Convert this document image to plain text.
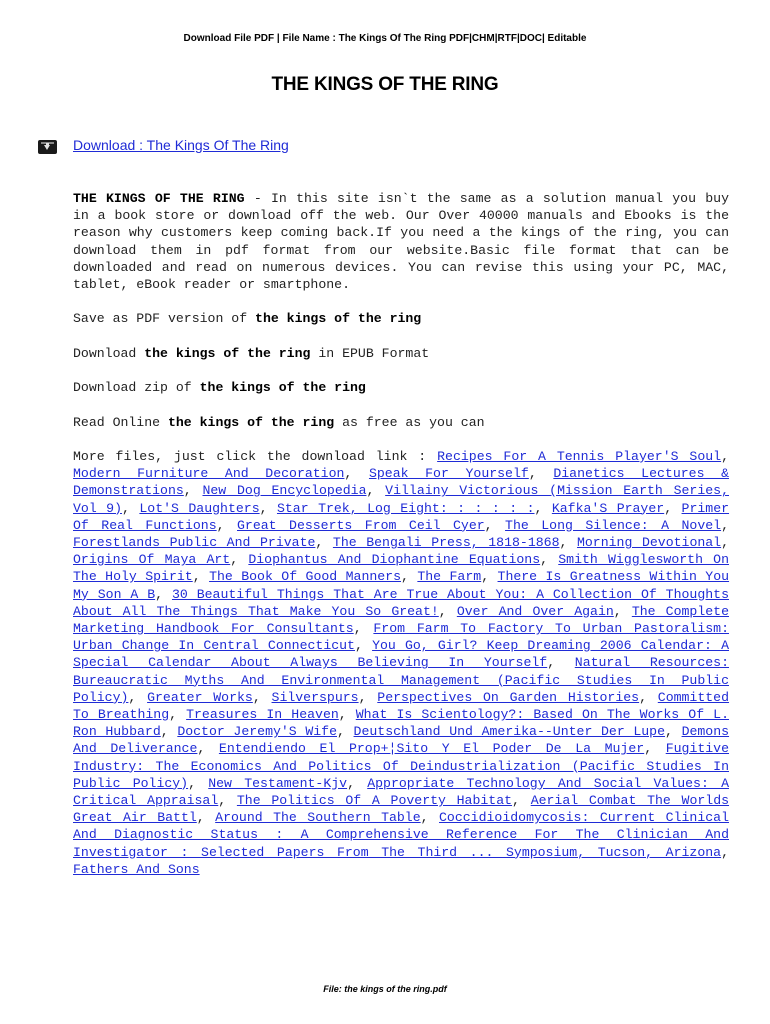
Download File PDF | File Name : The Kings Of The Ring PDF|CHM|RTF|DOC| Editable
THE KINGS OF THE RING
Download : The Kings Of The Ring

THE KINGS OF THE RING - In this site isn`t the same as a solution manual you buy in a book store or download off the web. Our Over 40000 manuals and Ebooks is the reason why customers keep coming back.If you need a the kings of the ring, you can download them in pdf format from our website.Basic file format that can be downloaded and read on numerous devices. You can revise this using your PC, MAC, tablet, eBook reader or smartphone.

Save as PDF version of the kings of the ring

Download the kings of the ring in EPUB Format

Download zip of the kings of the ring

Read Online the kings of the ring as free as you can

More files, just click the download link : Recipes For A Tennis Player'S Soul, Modern Furniture And Decoration, Speak For Yourself, Dianetics Lectures & Demonstrations, New Dog Encyclopedia, Villainy Victorious (Mission Earth Series, Vol 9), Lot'S Daughters, Star Trek, Log Eight: : : : : :, Kafka'S Prayer, Primer Of Real Functions, Great Desserts From Ceil Cyer, The Long Silence: A Novel, Forestlands Public And Private, The Bengali Press, 1818-1868, Morning Devotional, Origins Of Maya Art, Diophantus And Diophantine Equations, Smith Wigglesworth On The Holy Spirit, The Book Of Good Manners, The Farm, There Is Greatness Within You My Son A B, 30 Beautiful Things That Are True About You: A Collection Of Thoughts About All The Things That Make You So Great!, Over And Over Again, The Complete Marketing Handbook For Consultants, From Farm To Factory To Urban Pastoralism: Urban Change In Central Connecticut, You Go, Girl? Keep Dreaming 2006 Calendar: A Special Calendar About Always Believing In Yourself, Natural Resources: Bureaucratic Myths And Environmental Management (Pacific Studies In Public Policy), Greater Works, Silverspurs, Perspectives On Garden Histories, Committed To Breathing, Treasures In Heaven, What Is Scientology?: Based On The Works Of L. Ron Hubbard, Doctor Jeremy'S Wife, Deutschland Und Amerika--Unter Der Lupe, Demons And Deliverance, Entendiendo El Prop+¦Sito Y El Poder De La Mujer, Fugitive Industry: The Economics And Politics Of Deindustrialization (Pacific Studies In Public Policy), New Testament-Kjv, Appropriate Technology And Social Values: A Critical Appraisal, The Politics Of A Poverty Habitat, Aerial Combat The Worlds Great Air Battl, Around The Southern Table, Coccidioidomycosis: Current Clinical And Diagnostic Status : A Comprehensive Reference For The Clinician And Investigator : Selected Papers From The Third ... Symposium, Tucson, Arizona, Fathers And Sons

File: the kings of the ring.pdf
